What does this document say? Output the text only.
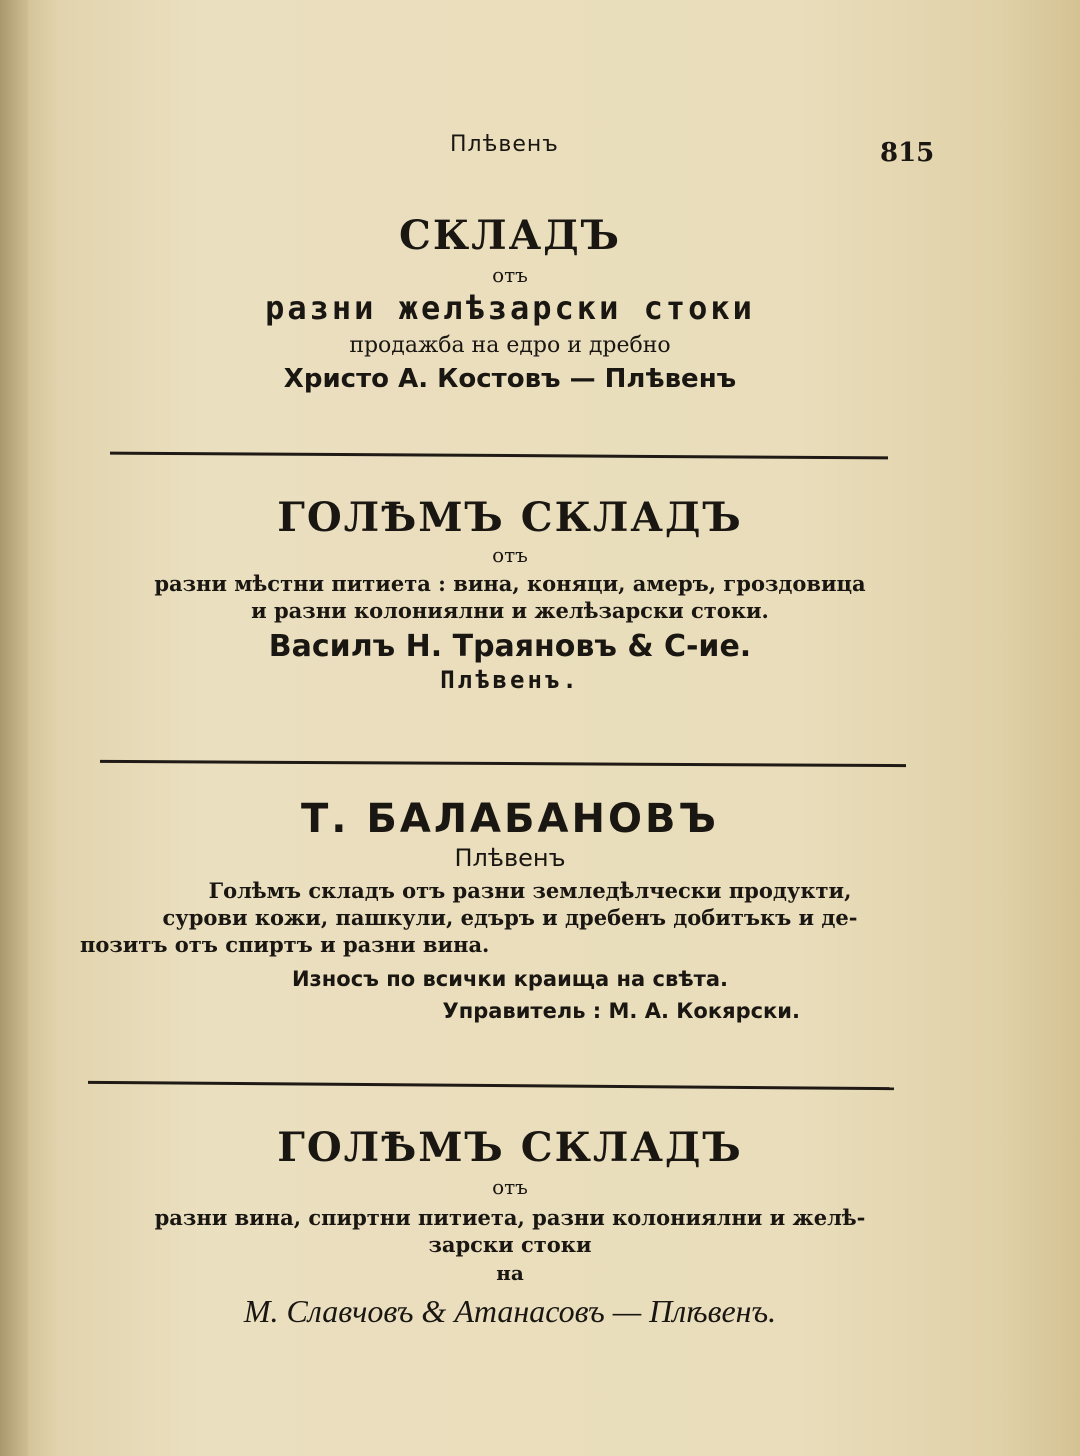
Плѣвенъ	815
СКЛАДЪ
отъ
разни желѣзарски стоки
продажба на едро и дребно
Христо А. Костовъ — Плѣвенъ
ГОЛѢМЪ СКЛАДЪ
отъ
разни мѣстни питиета : вина, коняци, амеръ, гроздовица
и разни колониялни и желѣзарски стоки.
Василъ Н. Траяновъ & С-ие.
Плѣвенъ.
Т. БАЛАБАНОВЪ
Плѣвенъ
Голѣмъ складъ отъ разни земледѣлчески продукти,
сурови кожи, пашкули, едъръ и дребенъ добитъкъ и де-
позитъ отъ спиртъ и разни вина.
Износъ по всички краища на свѣта.
Управитель : М. А. Кокярски.
ГОЛѢМЪ СКЛАДЪ
отъ
разни вина, спиртни питиета, разни колониялни и желѣ-
зарски стоки
на
М. Славчовъ & Атанасовъ — Плѣвенъ.
